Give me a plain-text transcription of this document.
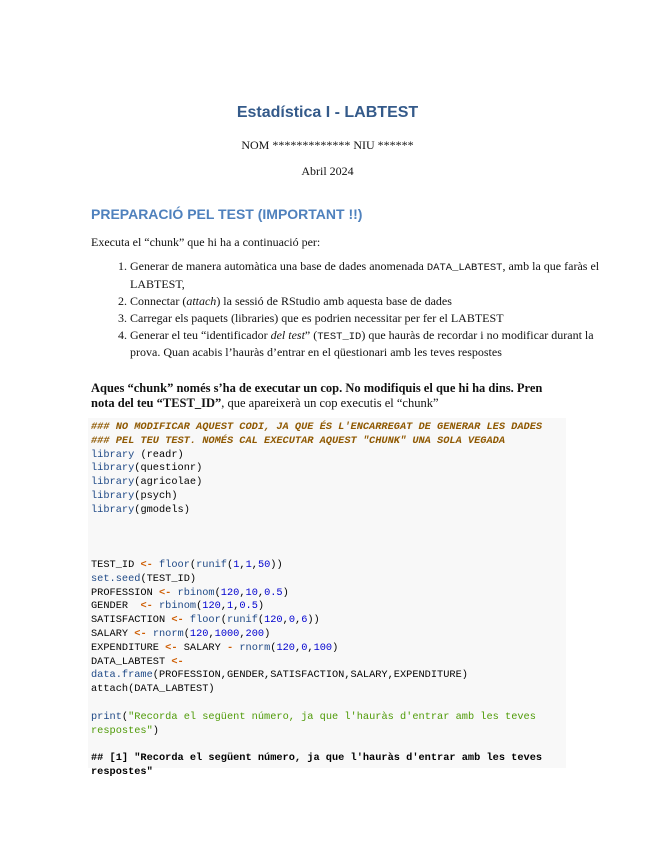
Estadística I - LABTEST
NOM ************* NIU ******
Abril 2024
PREPARACIÓ PEL TEST (IMPORTANT !!)
Executa el “chunk” que hi ha a continuació per:
1. Generar de manera automàtica una base de dades anomenada DATA_LABTEST, amb la que faràs el LABTEST,
2. Connectar (attach) la sessió de RStudio amb aquesta base de dades
3. Carregar els paquets (libraries) que es podrien necessitar per fer el LABTEST
4. Generar el teu “identificador del test” (TEST_ID) que hauràs de recordar i no modificar durant la prova. Quan acabis l’hauràs d’entrar en el qüestionari amb les teves respostes
Aques “chunk” només s’ha de executar un cop. No modifiquis el que hi ha dins. Pren nota del teu “TEST_ID”, que apareixerà un cop executis el “chunk”
### NO MODIFICAR AQUEST CODI, JA QUE ÉS L'ENCARREGAT DE GENERAR LES DADES
### PEL TEU TEST. NOMÉS CAL EXECUTAR AQUEST "CHUNK" UNA SOLA VEGADA
library (readr)
library(questionr)
library(agricolae)
library(psych)
library(gmodels)

TEST_ID <- floor(runif(1,1,50))
set.seed(TEST_ID)
PROFESSION <- rbinom(120,10,0.5)
GENDER  <- rbinom(120,1,0.5)
SATISFACTION <- floor(runif(120,0,6))
SALARY <- rnorm(120,1000,200)
EXPENDITURE <- SALARY - rnorm(120,0,100)
DATA_LABTEST <-
data.frame(PROFESSION,GENDER,SATISFACTION,SALARY,EXPENDITURE)
attach(DATA_LABTEST)

print("Recorda el següent número, ja que l'hauràs d'entrar amb les teves
respostes")

## [1] "Recorda el següent número, ja que l'hauràs d'entrar amb les teves
respostes"
